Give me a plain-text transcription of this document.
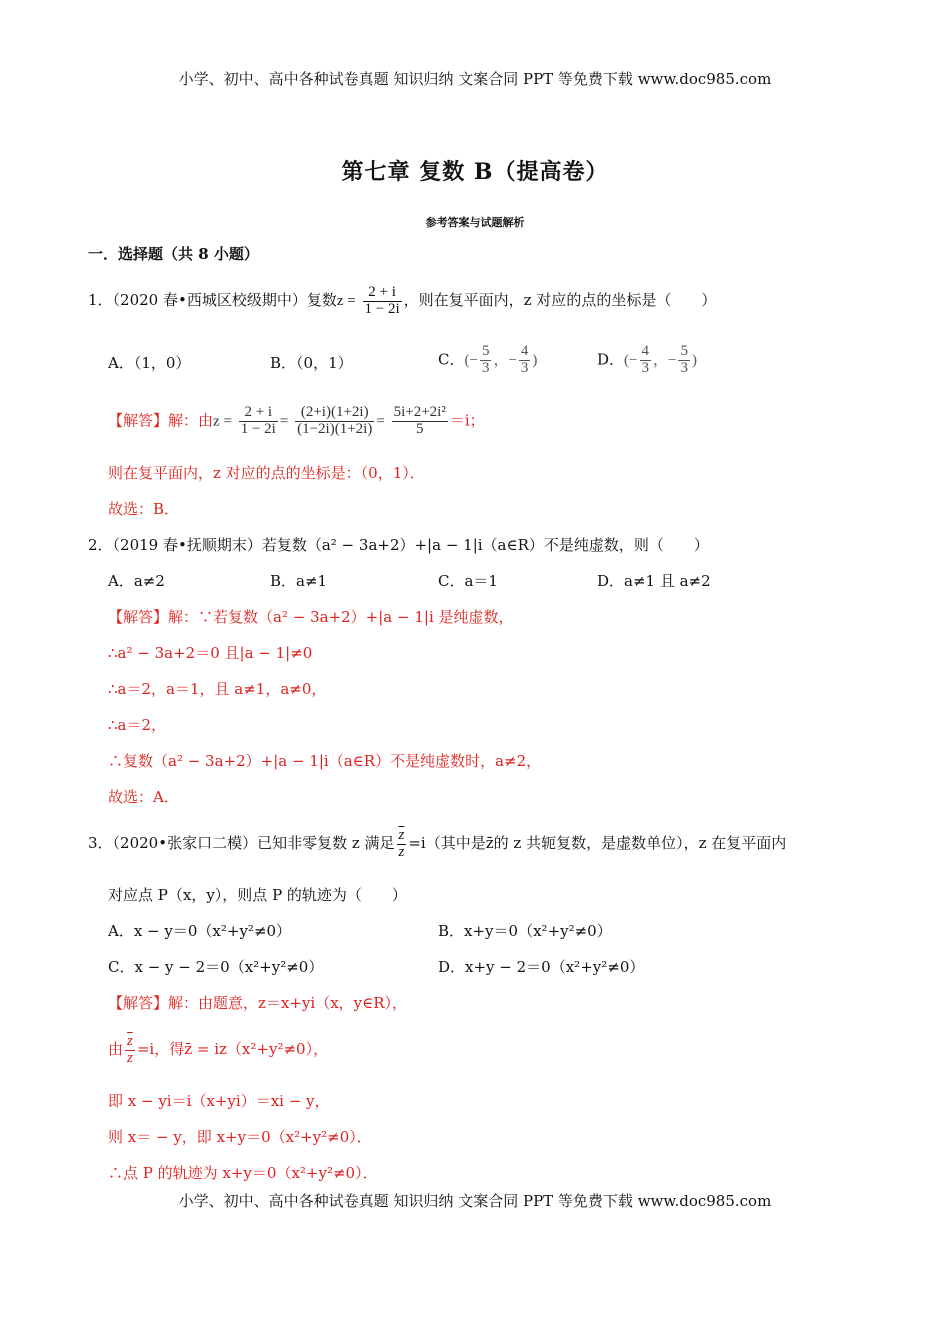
小学、初中、高中各种试卷真题 知识归纳 文案合同 PPT 等免费下载 www.doc985.com
第七章 复数 B（提高卷）
参考答案与试题解析
一．选择题（共 8 小题）
1．（2020 春•西城区校级期中）复数$z = \frac{2 + i}{1 - 2i}$ ，则在复平面内，z 对应的点的坐标是（　　）
A．（1，0）	B．（0，1）	C．(− $\frac{5}{3}$ ，− $\frac{4}{3}$ )	D．(− $\frac{4}{3}$ ，− $\frac{5}{3}$ )
【解答】解：由$z = \frac{2 + i}{1 - 2i} = \frac{(2+i)(1+2i)}{(1-2i)(1+2i)} = \frac{\text{5i+2+2i²}}{5} =i$；
则在复平面内，z 对应的点的坐标是：（0，1）．
故选：B．
2．（2019 春•抚顺期末）若复数（a² − 3a+2）+|a − 1|i（a∈R）不是纯虚数，则（　　）
A．a≠2	B．a≠1	C．a＝1	D．a≠1 且 a≠2
【解答】解：∵若复数（a² − 3a+2）+|a − 1|i 是纯虚数，
∴a² − 3a+2＝0 且|a − 1|≠0
∴a＝2，a＝1，且 a≠1，a≠0，
∴a＝2，
∴复数（a² − 3a+2）+|a − 1|i（a∈R）不是纯虚数时，a≠2，
故选：A．
3．（2020•张家口二模）已知非零复数 z 满足 $\frac{\overline{z}}{z} =i$（其中是z̄的 z 共轭复数，是虚数单位），z 在复平面内
对应点 P（x，y），则点 P 的轨迹为（　　）
A．x − y＝0（x²+y²≠0）	B．x+y＝0（x²+y²≠0）
C．x − y − 2＝0（x²+y²≠0）	D．x+y − 2＝0（x²+y²≠0）
【解答】解：由题意，z＝x+yi（x，y∈R），
由 $\frac{\overline{z}}{z} =i$，得z̄ = iz（x²+y²≠0），
即 x − yi＝i（x+yi）＝xi − y，
则 x＝ − y，即 x+y＝0（x²+y²≠0）．
∴点 P 的轨迹为 x+y＝0（x²+y²≠0）．
小学、初中、高中各种试卷真题 知识归纳 文案合同 PPT 等免费下载 www.doc985.com
